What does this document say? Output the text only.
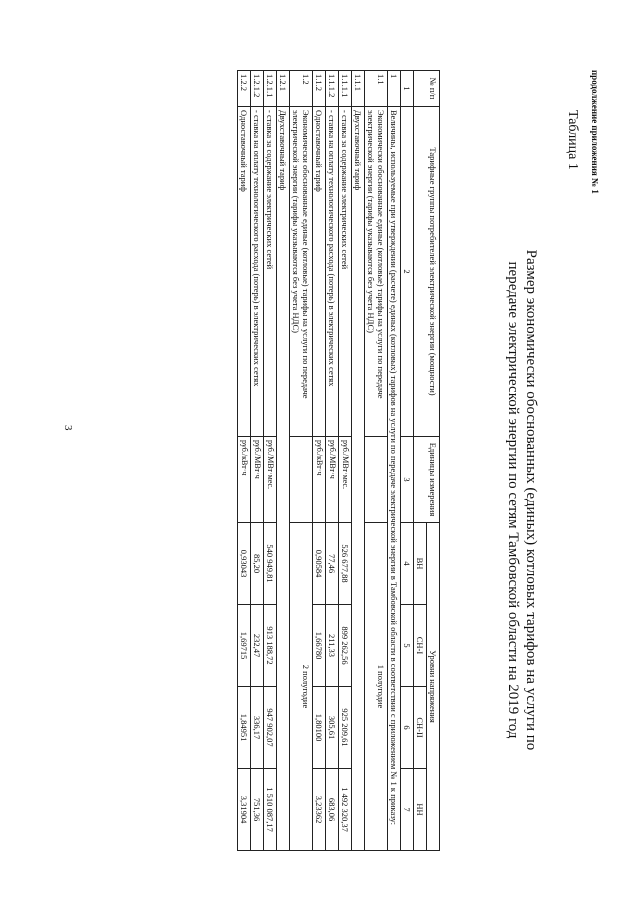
3
продолжение приложения № 1
Таблица 1
Размер экономически обоснованных (единых) котловых тарифов на услуги по передаче электрической энергии по сетям Тамбовской области на 2019 год
№ п/п	Тарифные группы потребителей электрической энергии (мощности)	Единицы измерения	Уровни напряжения			
			ВН	СН-I	СН-II	НН
1	2	3	4	5	6	7
1	Величины, используемые при утверждении (расчете) единых (котловых) тарифов на услуги по передаче электрической энергии в Тамбовской области в соответствии с приложением № 1 к приказу:					
1.1	Экономически обоснованные единые (котловые) тарифы на услуги по передаче электрической энергии (тарифы указываются без учета НДС)		1 полугодие			
1.1.1	Двухставочный тариф					
1.1.1.1	- ставка за содержание электрических сетей	руб./МВт·мес.	526 677,88	899 262,56	925 209,61	1 492 320,37
1.1.1.2	- ставка на оплату технологического расхода (потерь) в электрических сетях	руб./МВт·ч	77,46	211,33	305,61	683,06
1.1.2	Одноставочный тариф	руб./кВт·ч	0,90584	1,66780	1,80100	3,23362
1.2	Экономически обоснованные единые (котловые) тарифы на услуги по передаче электрической энергии (тарифы указываются без учета НДС)		2 полугодие			
1.2.1	Двухставочный тариф					
1.2.1.1	- ставка за содержание электрических сетей	руб./МВт·мес.	540 949,81	913 188,72	947 902,07	1 510 087,17
1.2.1.2	- ставка на оплату технологического расхода (потерь) в электрических сетях	руб./МВт·ч	85,20	232,47	336,17	751,36
1.2.2	Одноставочный тариф	руб./кВт·ч	0,93043	1,69715	1,84951	3,31904
